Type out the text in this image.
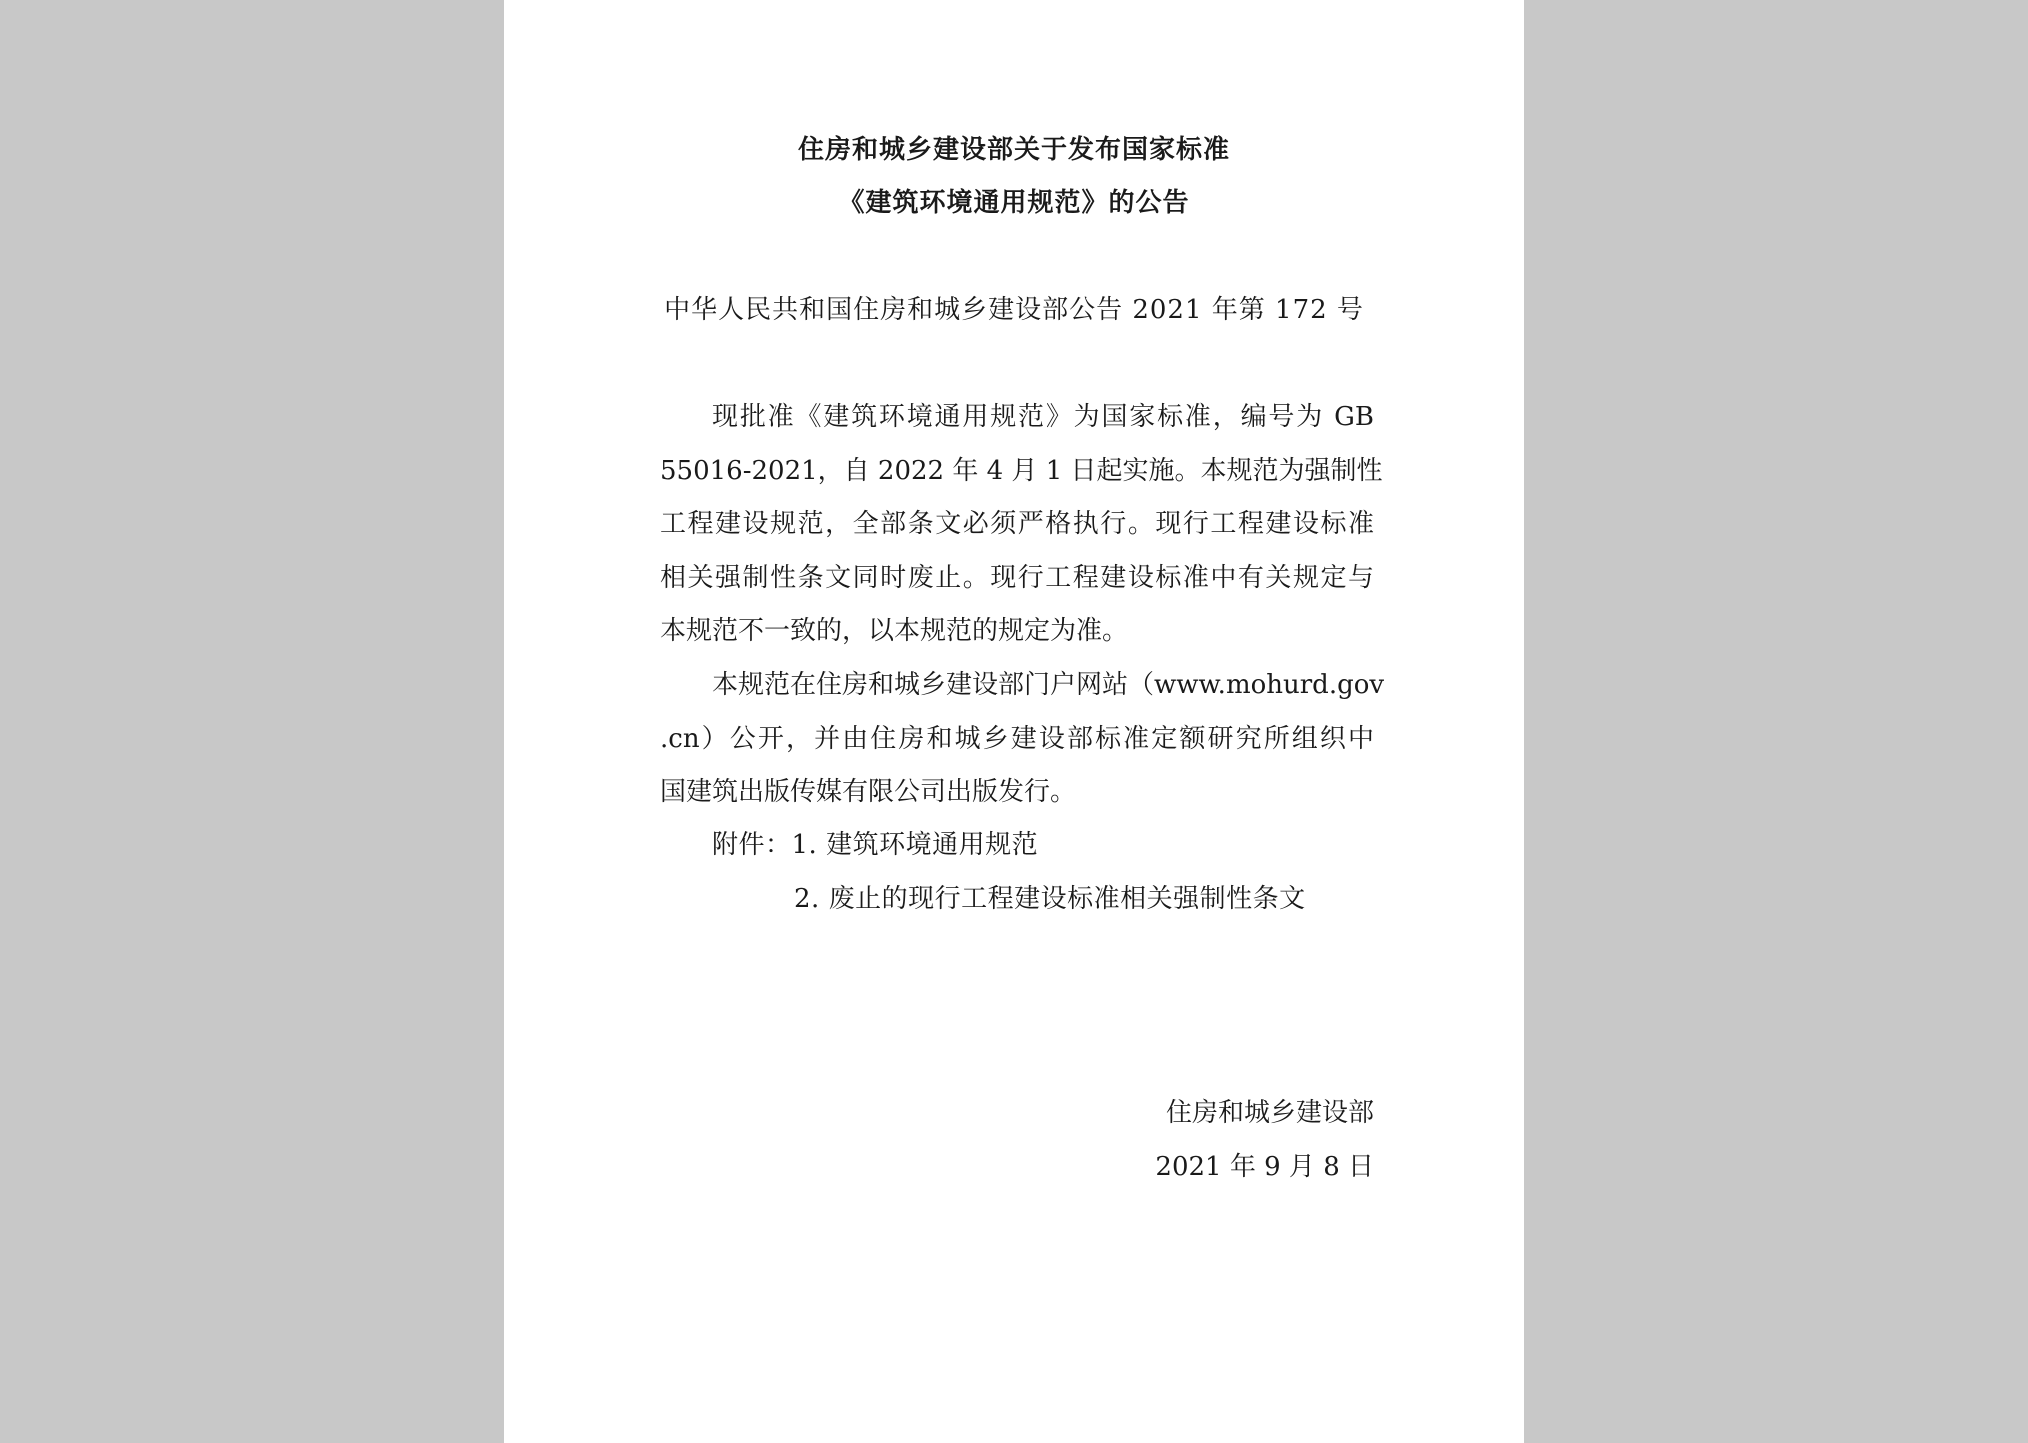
住房和城乡建设部关于发布国家标准
《建筑环境通用规范》的公告
中华人民共和国住房和城乡建设部公告 2021 年第 172 号
现批准《建筑环境通用规范》为国家标准，编号为 GB
55016-2021，自 2022 年 4 月 1 日起实施。本规范为强制性
工程建设规范，全部条文必须严格执行。现行工程建设标准
相关强制性条文同时废止。现行工程建设标准中有关规定与
本规范不一致的，以本规范的规定为准。
本规范在住房和城乡建设部门户网站（www.mohurd.gov
.cn）公开，并由住房和城乡建设部标准定额研究所组织中
国建筑出版传媒有限公司出版发行。
附件：1. 建筑环境通用规范
2. 废止的现行工程建设标准相关强制性条文
住房和城乡建设部
2021 年 9 月 8 日
